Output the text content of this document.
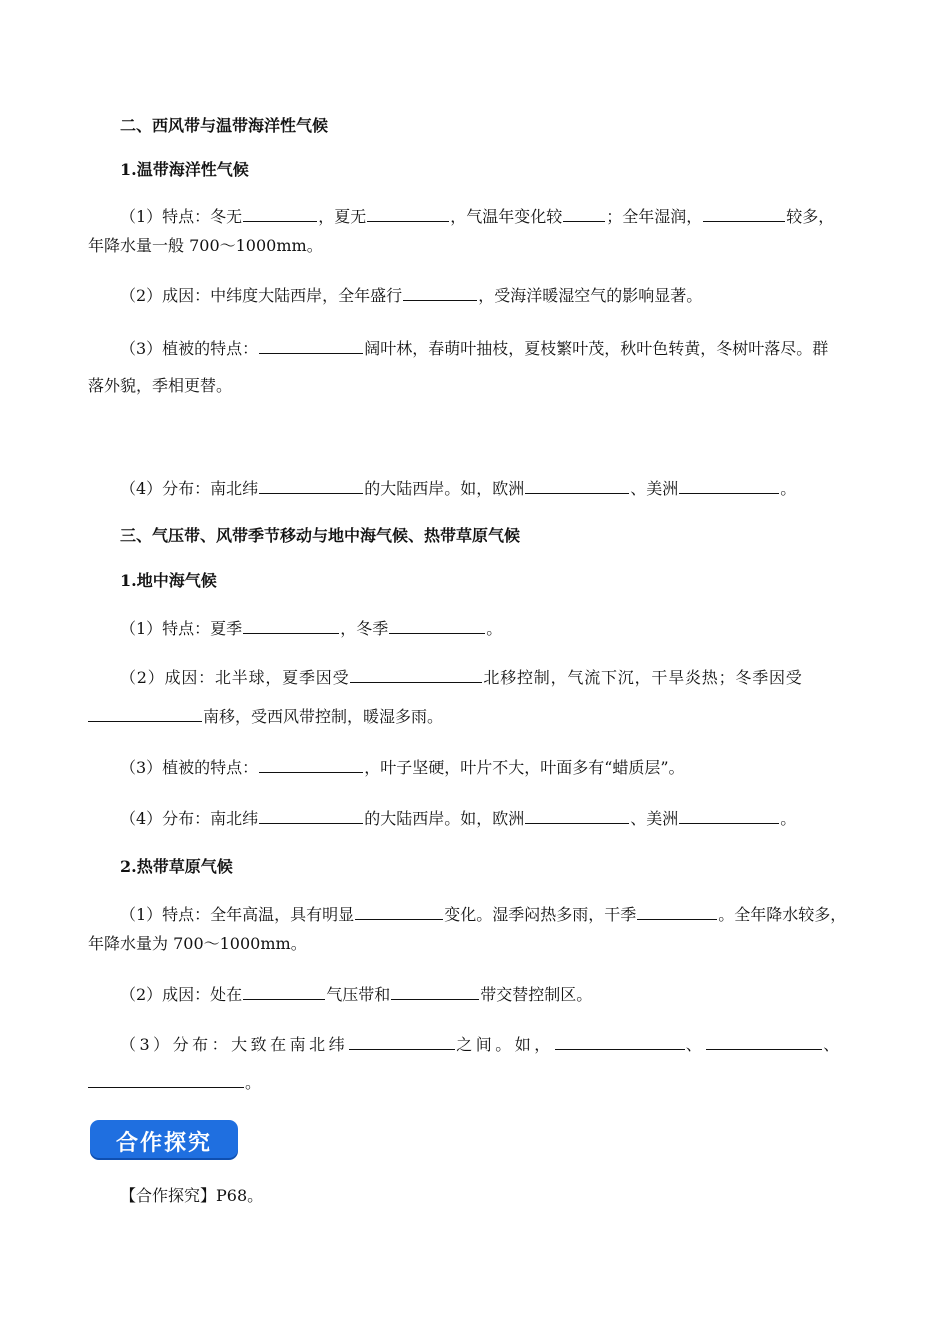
二、西风带与温带海洋性气候
1.温带海洋性气候
（1）特点：冬无	，夏无	，气温年变化较	；全年湿润，	较多，
年降水量一般 700～1000mm。
（2）成因：中纬度大陆西岸，全年盛行	，受海洋暖湿空气的影响显著。
（3）植被的特点：	阔叶林，春萌叶抽枝，夏枝繁叶茂，秋叶色转黄，冬树叶落尽。群
落外貌，季相更替。
（4）分布：南北纬	的大陆西岸。如，欧洲	、美洲	。
三、气压带、风带季节移动与地中海气候、热带草原气候
1.地中海气候
（1）特点：夏季	，冬季	。
（2）成因：北半球，夏季因受	北移控制，气流下沉，干旱炎热；冬季因受
南移，受西风带控制，暖湿多雨。
（3）植被的特点：	，叶子坚硬，叶片不大，叶面多有“蜡质层”。
（4）分布：南北纬	的大陆西岸。如，欧洲	、美洲	。
2.热带草原气候
（1）特点：全年高温，具有明显	变化。湿季闷热多雨，干季	。全年降水较多，
年降水量为 700～1000mm。
（2）成因：处在	气压带和	带交替控制区。
（3）分布：大致在南北纬	之间。如，	、	、
。
合作探究
【合作探究】P68。
